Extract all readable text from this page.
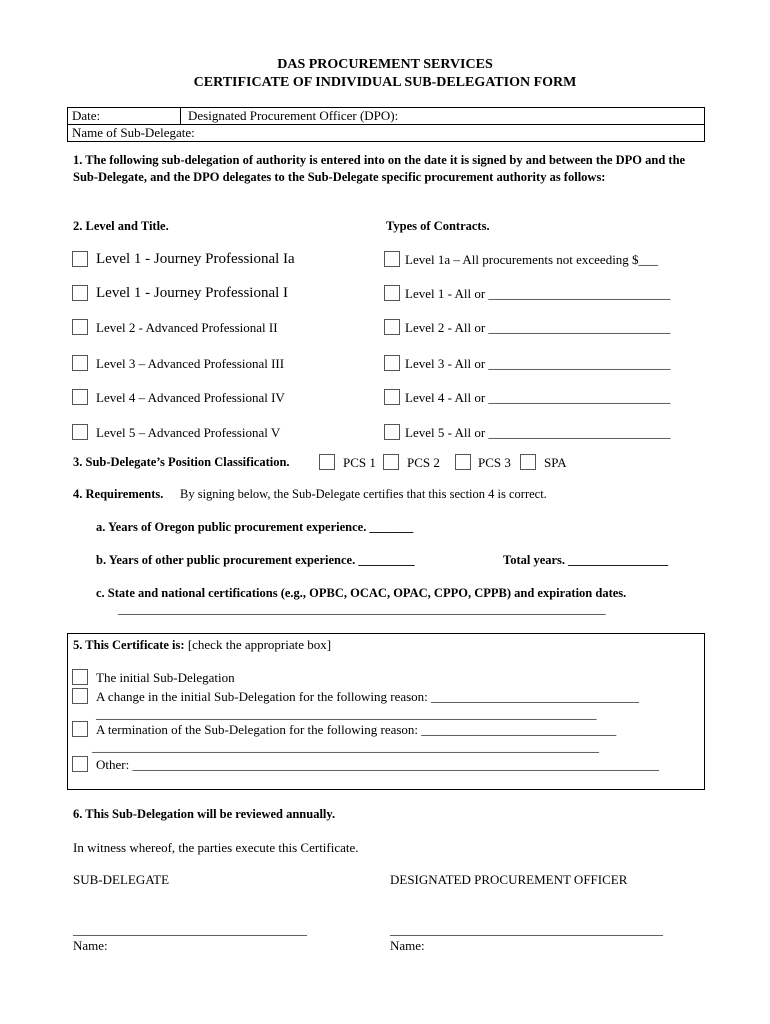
DAS PROCUREMENT SERVICES
CERTIFICATE OF INDIVIDUAL SUB-DELEGATION FORM
Date:	Designated Procurement Officer (DPO):
Name of Sub-Delegate:
1. The following sub-delegation of authority is entered into on the date it is signed by and between the DPO and the Sub-Delegate, and the DPO delegates to the Sub-Delegate specific procurement authority as follows:
2. Level and Title.	Types of Contracts.
Level 1 - Journey Professional Ia	Level 1a – All procurements not exceeding $___
Level 1 - Journey Professional I	Level 1 - All or ____________________________
Level 2 - Advanced Professional II	Level 2 - All or ____________________________
Level 3 – Advanced Professional III	Level 3 - All or ____________________________
Level 4 – Advanced Professional IV	Level 4 - All or ____________________________
Level 5 – Advanced Professional V	Level 5 - All or ____________________________
3. Sub-Delegate’s Position Classification.	PCS 1 PCS 2	PCS 3	SPA
4. Requirements. By signing below, the Sub-Delegate certifies that this section 4 is correct.
a. Years of Oregon public procurement experience. _______
b. Years of other public procurement experience. _________	Total years. ________________
c. State and national certifications (e.g., OPBC, OCAC, OPAC, CPPO, CPPB) and expiration dates.
______________________________________________________________________________
5. This Certificate is: [check the appropriate box]
The initial Sub-Delegation
A change in the initial Sub-Delegation for the following reason: ________________________________
_____________________________________________________________________________
A termination of the Sub-Delegation for the following reason: ______________________________
______________________________________________________________________________
Other: _________________________________________________________________________________
6. This Sub-Delegation will be reviewed annually.
In witness whereof, the parties execute this Certificate.
SUB-DELEGATE	DESIGNATED PROCUREMENT OFFICER
____________________________________	__________________________________________
Name:	Name:
